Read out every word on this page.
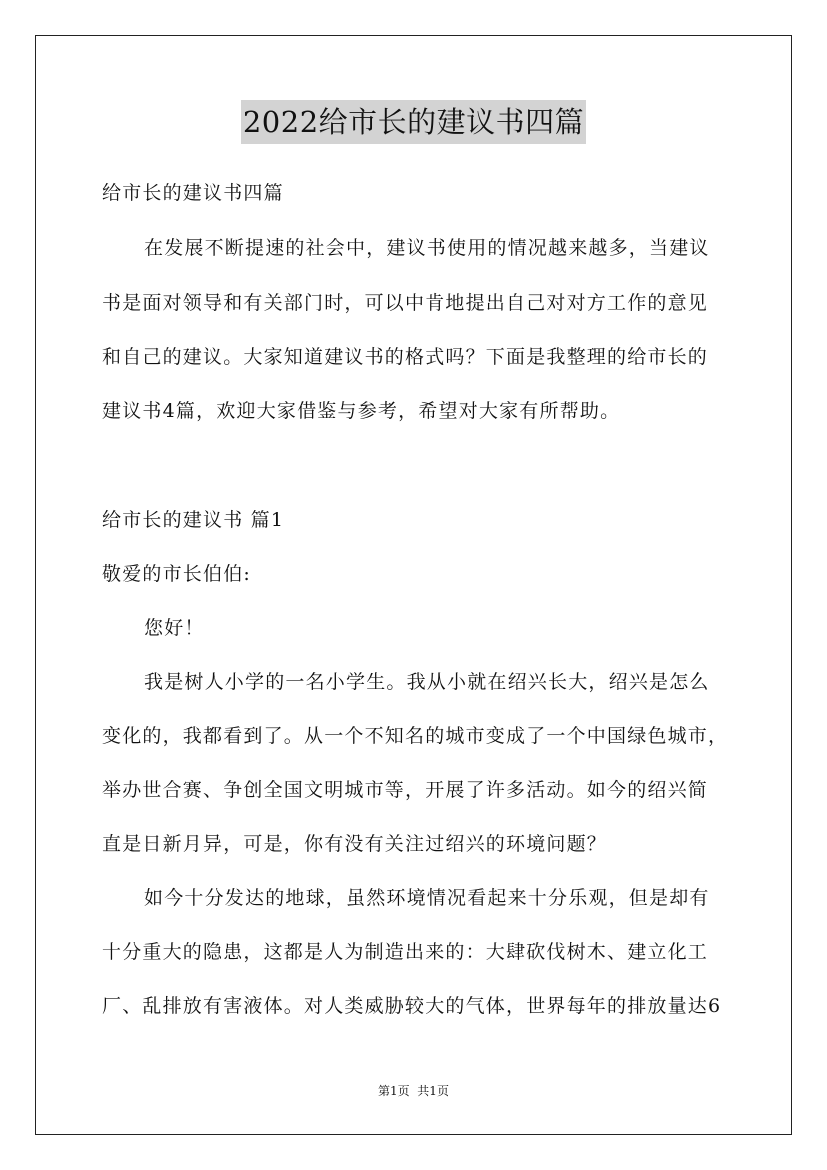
2022给市长的建议书四篇
给市长的建议书四篇
在发展不断提速的社会中，建议书使用的情况越来越多，当建议
书是面对领导和有关部门时，可以中肯地提出自己对对方工作的意见
和自己的建议。大家知道建议书的格式吗？下面是我整理的给市长的
建议书4篇，欢迎大家借鉴与参考，希望对大家有所帮助。
给市长的建议书 篇1
敬爱的市长伯伯:
您好！
我是树人小学的一名小学生。我从小就在绍兴长大，绍兴是怎么
变化的，我都看到了。从一个不知名的城市变成了一个中国绿色城市，
举办世合赛、争创全国文明城市等，开展了许多活动。如今的绍兴简
直是日新月异，可是，你有没有关注过绍兴的环境问题？
如今十分发达的地球，虽然环境情况看起来十分乐观，但是却有
十分重大的隐患，这都是人为制造出来的：大肆砍伐树木、建立化工
厂、乱排放有害液体。对人类威胁较大的气体，世界每年的排放量达6
第1页  共1页
